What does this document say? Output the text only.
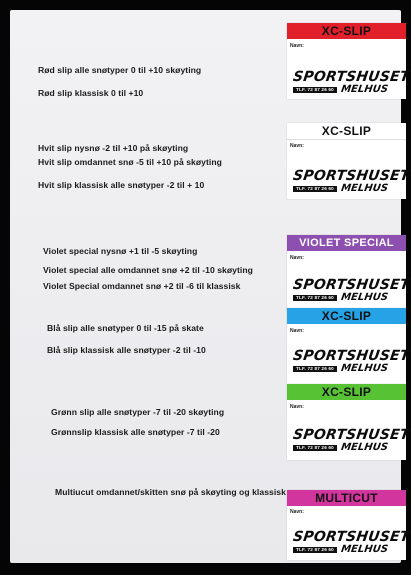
Rød slip alle snøtyper 0 til +10 skøyting
Rød slip klassisk 0 til +10
Hvit slip nysnø -2 til +10 på skøyting
Hvit slip omdannet snø -5 til +10 på skøyting
Hvit slip klassisk alle snøtyper -2 til + 10
Violet special nysnø +1 til -5 skøyting
Violet special alle omdannet snø +2 til -10 skøyting
Violet Special omdannet snø +2 til -6 til klassisk
Blå slip alle snøtyper 0 til -15 på skate
Blå slip klassisk alle snøtyper -2 til -10
Grønn slip alle snøtyper -7 til -20 skøyting
Grønnslip klassisk alle snøtyper -7 til -20
Multiucut omdannet/skitten snø på skøyting og klassisk
XC-SLIP
Navn:
SPORTSHUSET
TLF. 72 87 26 60 MELHUS
XC-SLIP
Navn:
SPORTSHUSET
TLF. 72 87 26 60 MELHUS
VIOLET SPECIAL
Navn:
SPORTSHUSET
TLF. 72 87 26 60 MELHUS
XC-SLIP
Navn:
SPORTSHUSET
TLF. 72 87 26 60 MELHUS
XC-SLIP
Navn:
SPORTSHUSET
TLF. 72 87 26 60 MELHUS
MULTICUT
Navn:
SPORTSHUSET
TLF. 72 87 26 60 MELHUS
